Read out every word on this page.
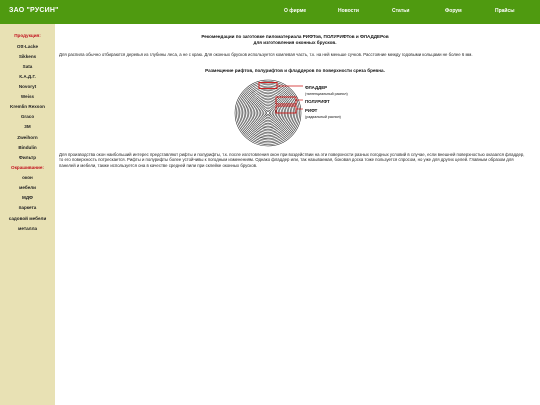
ЗАО "РУСИН"	О фирме	Новости	Статьи	Форум	Прайсы
Продукция:
Ott-Lacke
Sikkens
Sata
К.А.Д.Г.
Novoryt
Weiss
Kremlin Rexson
Graco
3M
Zweihorn
Bindulin
Фильтр
Окрашивание:
окон
мебели
МДФ
паркета
садовой мебели
металла
Рекомендации по заготовке пиломатериала РИФТов, ПОЛУРИФТов и ФЛАДДЕРов
для изготовления оконных брусков.
Для распила обычно отбираются деревья из глубины леса, а не с краю. Для оконных брусков используется комлевая часть, т.к. на ней меньше сучков. Расстояние между годовыми кольцами не более 6 мм.
Размещение рифтов, полурифтов и фладдеров по поверхности среза бревна.
ФЛАДДЕР
(тангенциальный распил)
ПОЛУРИФТ
РИФТ
(радиальный распил)
Для производства окон наибольший интерес представляют рифты и полурифты, т.к. после изготовления окон при воздействии на эти поверхности разных погодных условий в случае, если внешней поверхностью оказался фладдер, то его поверхность потрескается. Рифты и полурифты более устойчивы к погодным изменениям. Однако фладдер или, так называемая, боковая доска тоже пользуется спросом, но уже для других целей. Главным образом для панелей и мебели, также используется она в качестве средней пили при склейке оконных брусков.
